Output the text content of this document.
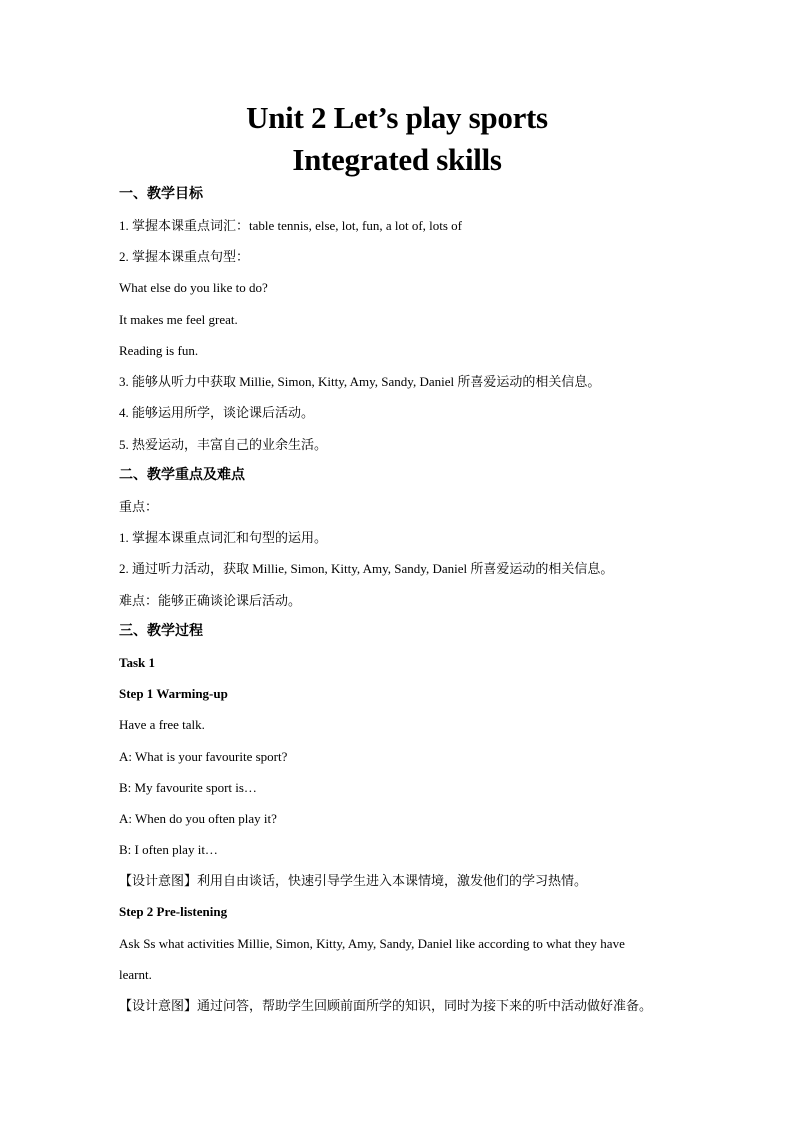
Unit 2 Let’s play sports
Integrated skills
一、教学目标
1. 掌握本课重点词汇：table tennis, else, lot, fun, a lot of, lots of
2. 掌握本课重点句型：
What else do you like to do?
It makes me feel great.
Reading is fun.
3. 能够从听力中获取 Millie, Simon, Kitty, Amy, Sandy, Daniel 所喜爱运动的相关信息。
4. 能够运用所学，谈论课后活动。
5. 热爱运动，丰富自己的业余生活。
二、教学重点及难点
重点：
1. 掌握本课重点词汇和句型的运用。
2. 通过听力活动，获取 Millie, Simon, Kitty, Amy, Sandy, Daniel 所喜爱运动的相关信息。
难点：能够正确谈论课后活动。
三、教学过程
Task 1
Step 1 Warming-up
Have a free talk.
A: What is your favourite sport?
B: My favourite sport is…
A: When do you often play it?
B: I often play it…
【设计意图】利用自由谈话，快速引导学生进入本课情境，激发他们的学习热情。
Step 2 Pre-listening
Ask Ss what activities Millie, Simon, Kitty, Amy, Sandy, Daniel like according to what they have
learnt.
【设计意图】通过问答，帮助学生回顾前面所学的知识，同时为接下来的听中活动做好准备。
